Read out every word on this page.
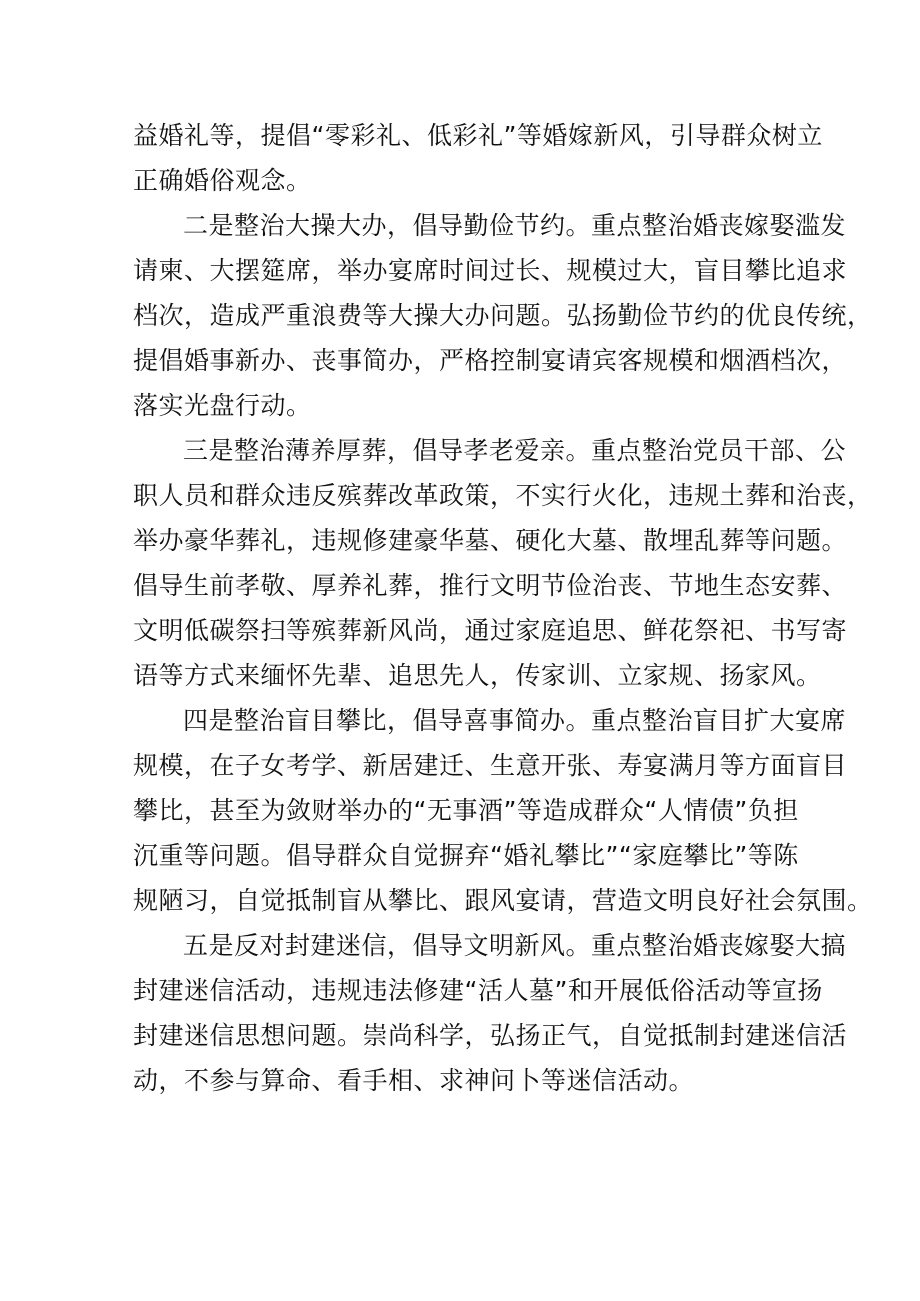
益婚礼等，提倡“零彩礼、低彩礼”等婚嫁新风，引导群众树立
正确婚俗观念。
二是整治大操大办，倡导勤俭节约。重点整治婚丧嫁娶滥发
请柬、大摆筵席，举办宴席时间过长、规模过大，盲目攀比追求
档次，造成严重浪费等大操大办问题。弘扬勤俭节约的优良传统，
提倡婚事新办、丧事简办，严格控制宴请宾客规模和烟酒档次，
落实光盘行动。
三是整治薄养厚葬，倡导孝老爱亲。重点整治党员干部、公
职人员和群众违反殡葬改革政策，不实行火化，违规土葬和治丧，
举办豪华葬礼，违规修建豪华墓、硬化大墓、散埋乱葬等问题。
倡导生前孝敬、厚养礼葬，推行文明节俭治丧、节地生态安葬、
文明低碳祭扫等殡葬新风尚，通过家庭追思、鲜花祭祀、书写寄
语等方式来缅怀先辈、追思先人，传家训、立家规、扬家风。
四是整治盲目攀比，倡导喜事简办。重点整治盲目扩大宴席
规模，在子女考学、新居建迁、生意开张、寿宴满月等方面盲目
攀比，甚至为敛财举办的“无事酒”等造成群众“人情债”负担
沉重等问题。倡导群众自觉摒弃“婚礼攀比”“家庭攀比”等陈
规陋习，自觉抵制盲从攀比、跟风宴请，营造文明良好社会氛围。
五是反对封建迷信，倡导文明新风。重点整治婚丧嫁娶大搞
封建迷信活动，违规违法修建“活人墓”和开展低俗活动等宣扬
封建迷信思想问题。崇尚科学，弘扬正气，自觉抵制封建迷信活
动，不参与算命、看手相、求神问卜等迷信活动。
